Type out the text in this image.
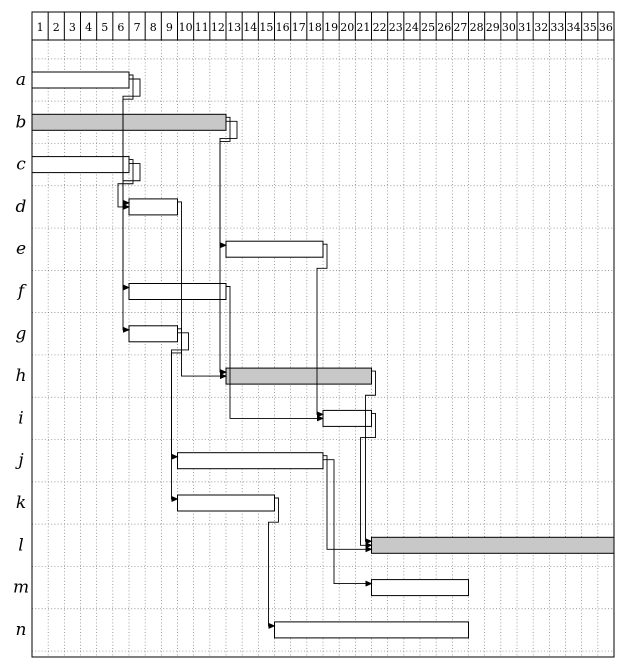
1 2 3 4 5 6 7 8 9 10 11 12 13 14 15 16 17 18 19 20 21 22 23 24 25 26 27 28 29 30 31 32 33 34 35 36
a
b
c
d
e
f
g
h
i
j
k
l
m
n
